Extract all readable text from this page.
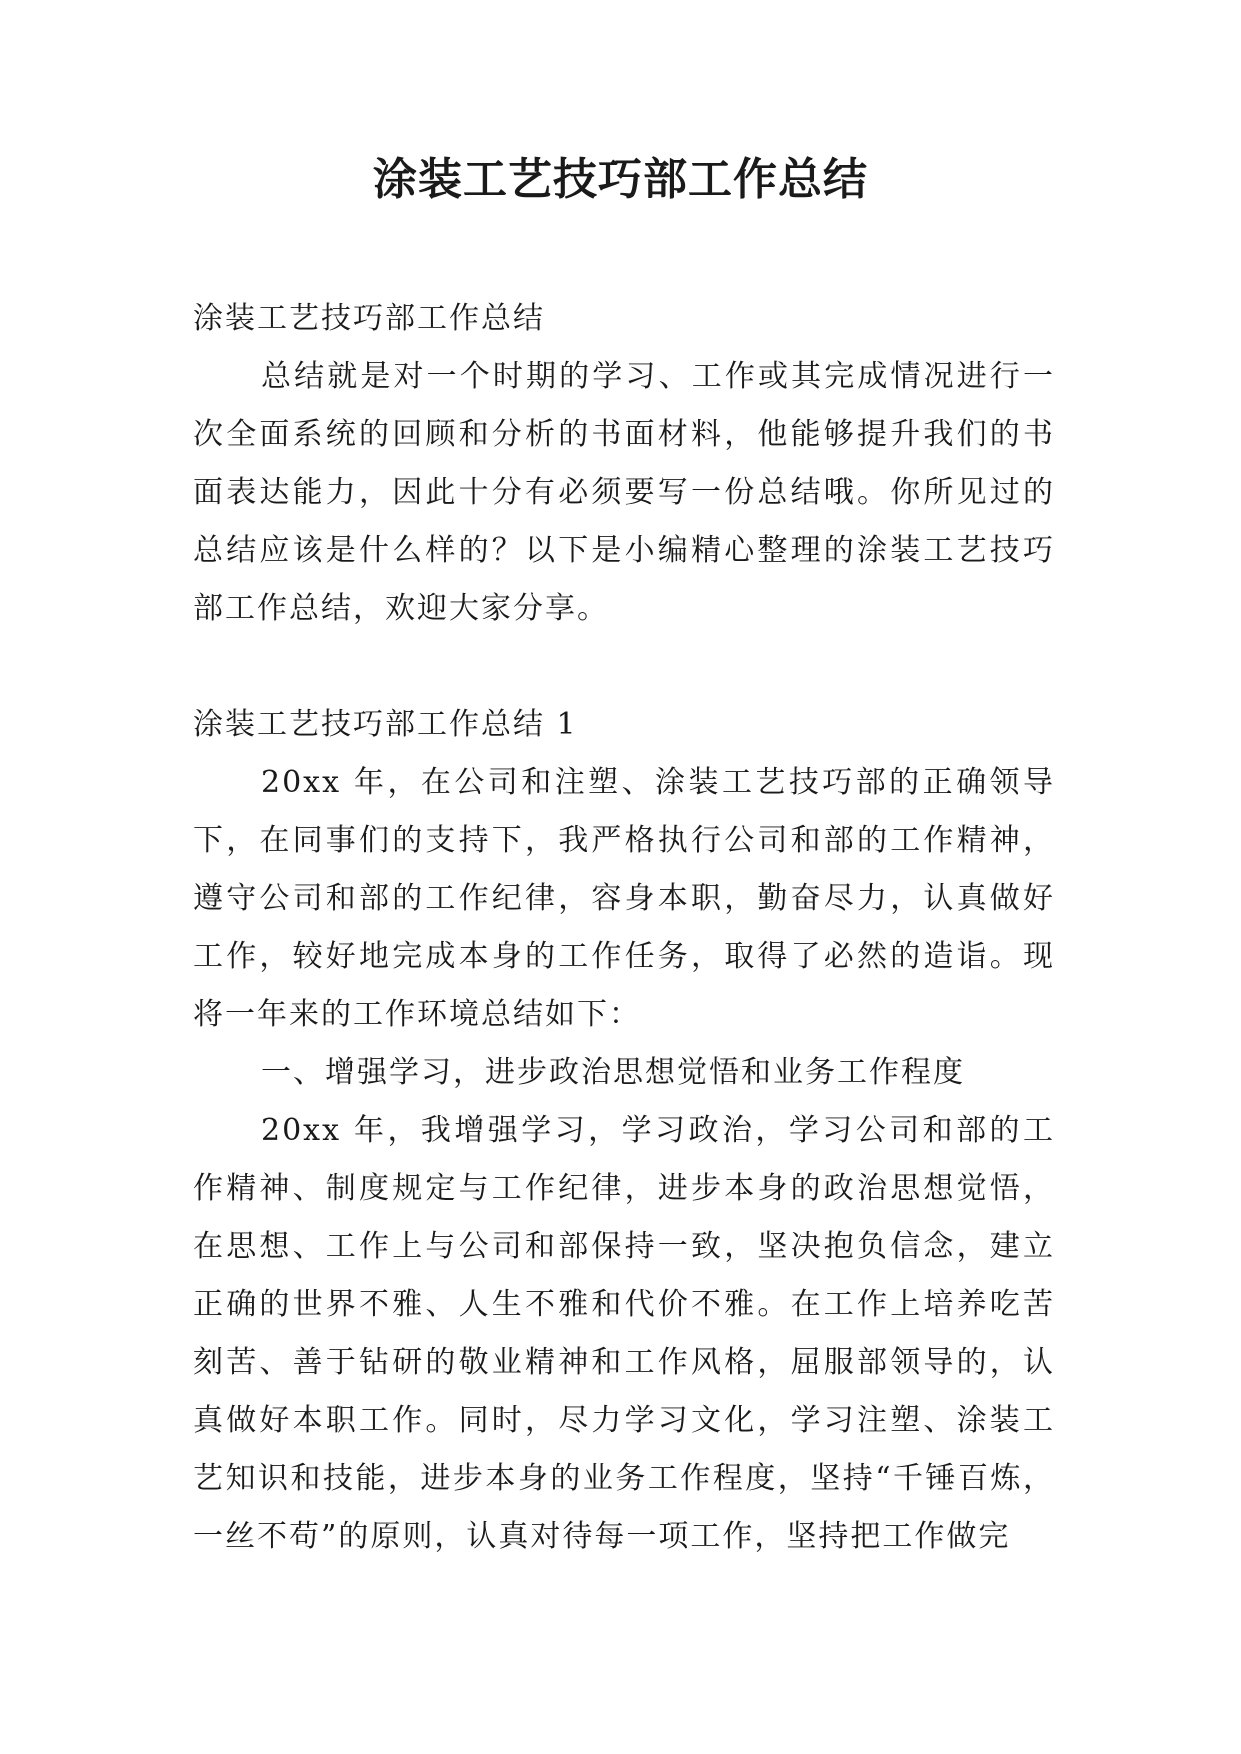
涂装工艺技巧部工作总结

涂装工艺技巧部工作总结

总结就是对一个时期的学习、工作或其完成情况进行一次全面系统的回顾和分析的书面材料，他能够提升我们的书面表达能力，因此十分有必须要写一份总结哦。你所见过的总结应该是什么样的？以下是小编精心整理的涂装工艺技巧部工作总结，欢迎大家分享。

涂装工艺技巧部工作总结 1

20xx 年，在公司和注塑、涂装工艺技巧部的正确领导下，在同事们的支持下，我严格执行公司和部的工作精神，遵守公司和部的工作纪律，容身本职，勤奋尽力，认真做好工作，较好地完成本身的工作任务，取得了必然的造诣。现将一年来的工作环境总结如下：

一、增强学习，进步政治思想觉悟和业务工作程度

20xx 年，我增强学习，学习政治，学习公司和部的工作精神、制度规定与工作纪律，进步本身的政治思想觉悟，在思想、工作上与公司和部保持一致，坚决抱负信念，建立正确的世界不雅、人生不雅和代价不雅。在工作上培养吃苦刻苦、善于钻研的敬业精神和工作风格，屈服部领导的，认真做好本职工作。同时，尽力学习文化，学习注塑、涂装工艺知识和技能，进步本身的业务工作程度，坚持“千锤百炼，一丝不苟”的原则，认真对待每一项工作，坚持把工作做完
